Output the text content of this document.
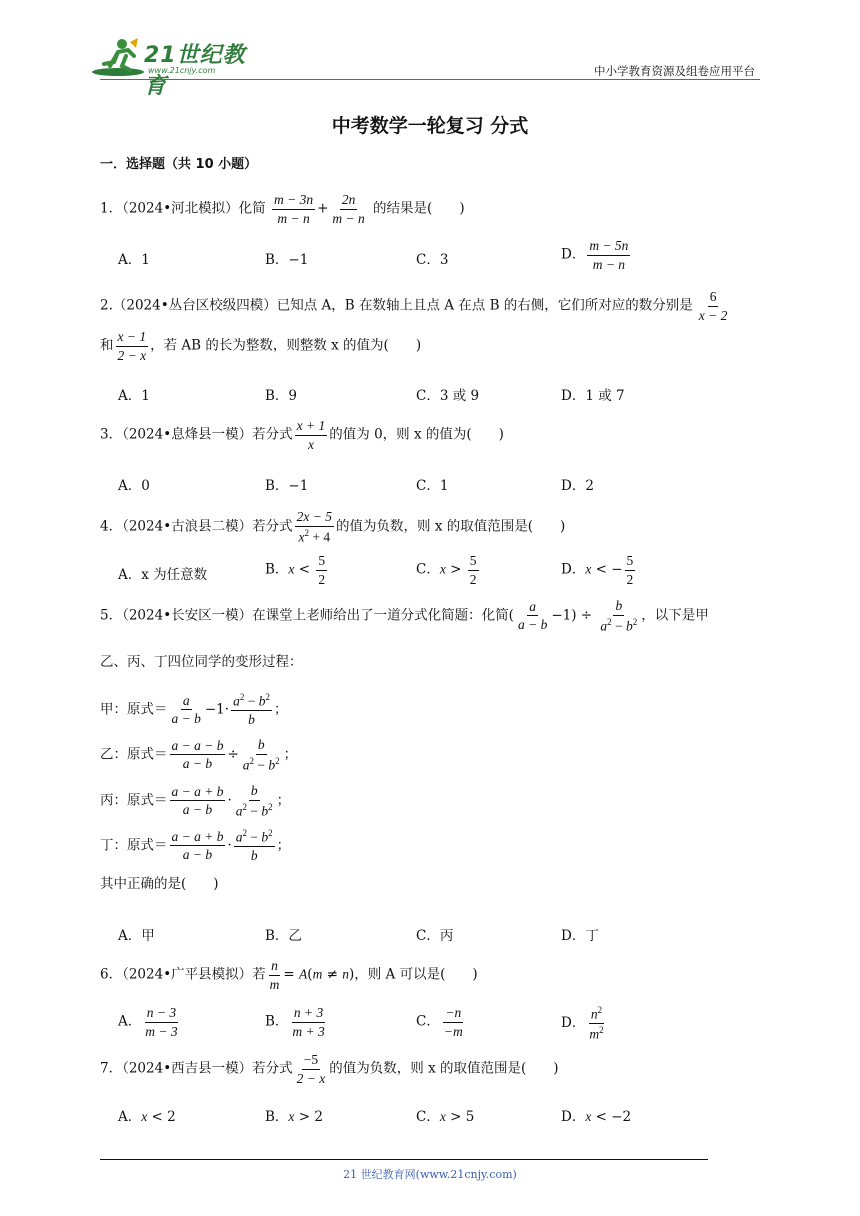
21世纪教育
www.21cnjy.com	中小学教育资源及组卷应用平台
中考数学一轮复习 分式
一．选择题（共 10 小题）
1．（2024•河北模拟）化简 $\frac{m - 3n}{m - n} + \frac{2n}{m - n}$ 的结果是(　　)
A．1	B．−1	C．3	D． $\frac{m - 5n}{m - n}$
2.（2024•丛台区校级四模）已知点 A，B 在数轴上且点 A 在点 B 的右侧，它们所对应的数分别是 $\frac{6}{x - 2}$
和 $\frac{x - 1}{2 - x}$ ，若 AB 的长为整数，则整数 x 的值为(　　)
A．1	B．9	C．3 或 9	D．1 或 7
3．（2024•息烽县一模）若分式 $\frac{x + 1}{x}$ 的值为 0，则 x 的值为(　　)
A．0	B．−1	C．1	D．2
4．（2024•古浪县二模）若分式 $\frac{2x - 5}{x^2 + 4}$ 的值为负数，则 x 的取值范围是(　　)
A．x 为任意数	B．$x < \frac{5}{2}$	C．$x > \frac{5}{2}$	D．x < − $\frac{5}{2}$
5．（2024•长安区一模）在课堂上老师给出了一道分式化简题：化简( $\frac{a}{a - b} -1) \div \frac{b}{a^2 - b^2}$ ，以下是甲
乙、丙、丁四位同学的变形过程：
甲：原式＝ $\frac{a}{a - b} -1\cdot \frac{a^2 - b^2}{b}$ ；
乙：原式＝ $\frac{a - a - b}{a - b} \div \frac{b}{a^2 - b^2}$ ；
丙：原式＝ $\frac{a - a + b}{a - b} \cdot \frac{b}{a^2 - b^2}$ ；
丁：原式＝ $\frac{a - a + b}{a - b} \cdot \frac{a^2 - b^2}{b}$ ；
其中正确的是(　　)
A．甲	B．乙	C．丙	D．丁
6．（2024•广平县模拟）若 $\frac{n}{m} = A(m \ne n)$，则 A 可以是(　　)
A． $\frac{n - 3}{m - 3}$	B． $\frac{n + 3}{m + 3}$	C． $\frac{-n}{-m}$	D． $\frac{n^2}{m^2}$
7．（2024•西吉县一模）若分式 $\frac{-5}{2 - x}$ 的值为负数，则 x 的取值范围是(　　)
A．x < 2	B．x > 2	C．x > 5	D．x < −2
21 世纪教育网(www.21cnjy.com)
